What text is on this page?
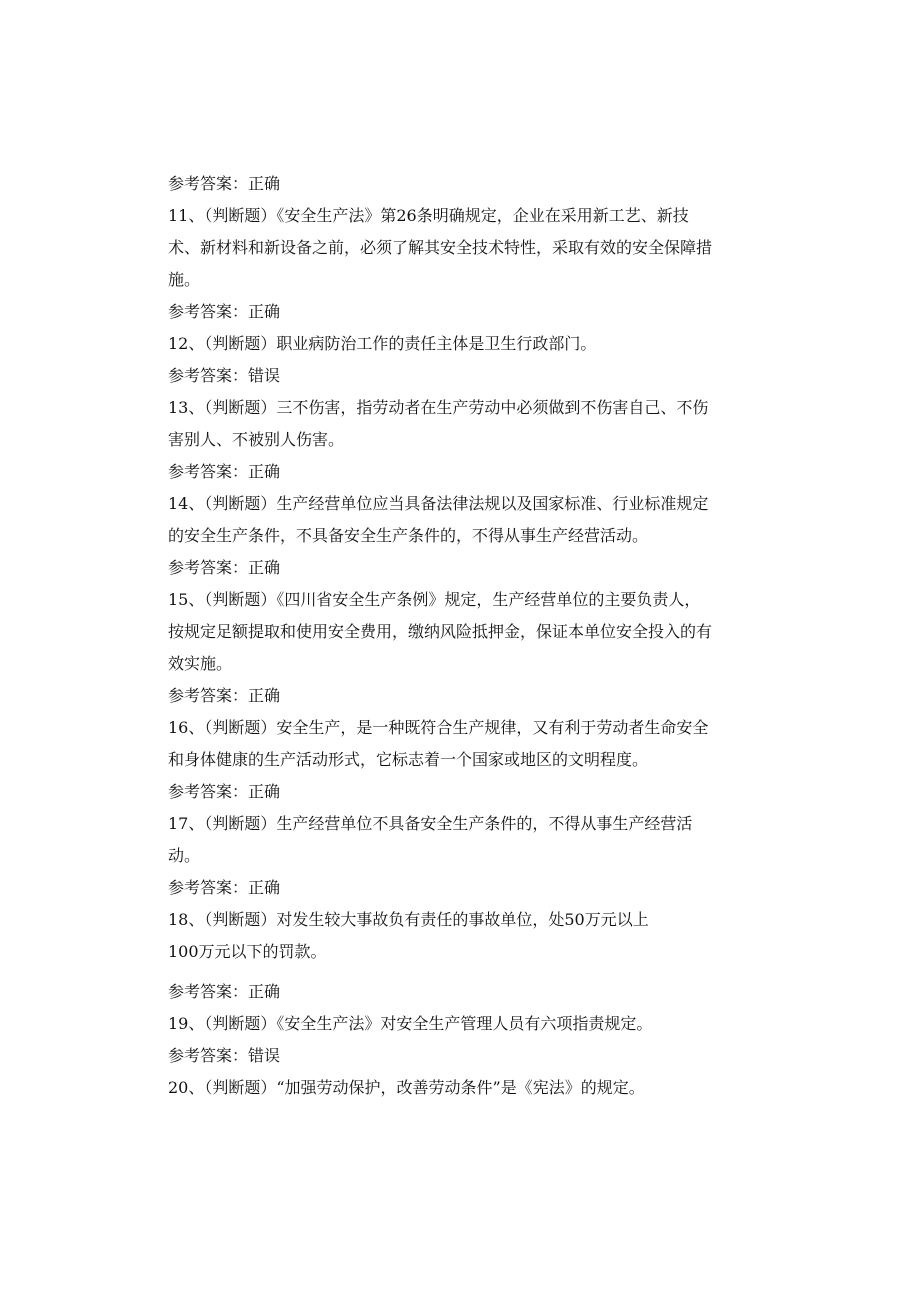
参考答案：正确
11、（判断题）《安全生产法》第26条明确规定，企业在采用新工艺、新技
术、新材料和新设备之前，必须了解其安全技术特性，采取有效的安全保障措
施。
参考答案：正确
12、（判断题）职业病防治工作的责任主体是卫生行政部门。
参考答案：错误
13、（判断题）三不伤害，指劳动者在生产劳动中必须做到不伤害自己、不伤
害别人、不被别人伤害。
参考答案：正确
14、（判断题）生产经营单位应当具备法律法规以及国家标准、行业标准规定
的安全生产条件，不具备安全生产条件的，不得从事生产经营活动。
参考答案：正确
15、（判断题）《四川省安全生产条例》规定，生产经营单位的主要负责人，
按规定足额提取和使用安全费用，缴纳风险抵押金，保证本单位安全投入的有
效实施。
参考答案：正确
16、（判断题）安全生产，是一种既符合生产规律，又有利于劳动者生命安全
和身体健康的生产活动形式，它标志着一个国家或地区的文明程度。
参考答案：正确
17、（判断题）生产经营单位不具备安全生产条件的，不得从事生产经营活
动。
参考答案：正确
18、（判断题）对发生较大事故负有责任的事故单位，处50万元以上
100万元以下的罚款。
参考答案：正确
19、（判断题）《安全生产法》对安全生产管理人员有六项指责规定。
参考答案：错误
20、（判断题）“加强劳动保护，改善劳动条件”是《宪法》的规定。
